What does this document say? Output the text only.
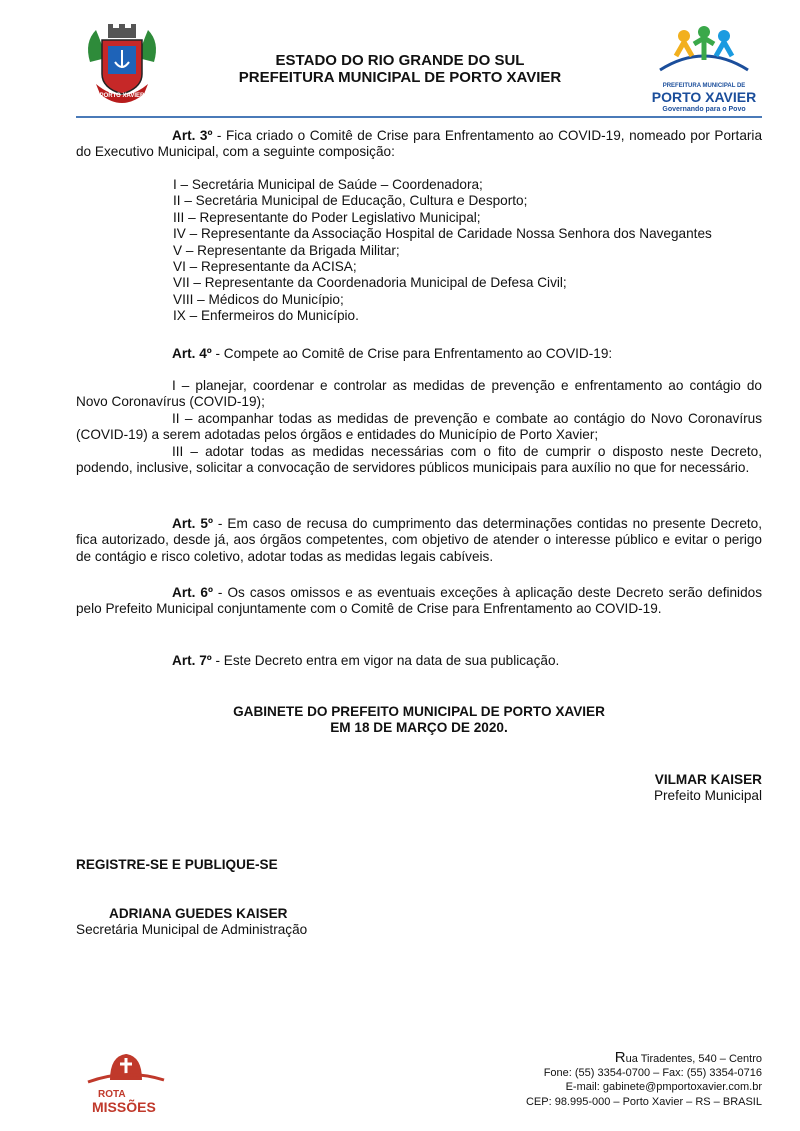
PORTO XAVIER
ESTADO DO RIO GRANDE DO SUL
PREFEITURA MUNICIPAL DE PORTO XAVIER	PREFEITURA MUNICIPAL DE
PORTO XAVIER
Governando para o Povo

Art. 3º - Fica criado o Comitê de Crise para Enfrentamento ao COVID-19, nomeado por Portaria do Executivo Municipal, com a seguinte composição:

I – Secretária Municipal de Saúde – Coordenadora;
II – Secretária Municipal de Educação, Cultura e Desporto;
III – Representante do Poder Legislativo Municipal;
IV – Representante da Associação Hospital de Caridade Nossa Senhora dos Navegantes
V – Representante da Brigada Militar;
VI – Representante da ACISA;
VII – Representante da Coordenadoria Municipal de Defesa Civil;
VIII – Médicos do Município;
IX – Enfermeiros do Município.

Art. 4º - Compete ao Comitê de Crise para Enfrentamento ao COVID-19:

I – planejar, coordenar e controlar as medidas de prevenção e enfrentamento ao contágio do Novo Coronavírus (COVID-19);

II – acompanhar todas as medidas de prevenção e combate ao contágio do Novo Coronavírus (COVID-19) a serem adotadas pelos órgãos e entidades do Município de Porto Xavier;

III – adotar todas as medidas necessárias com o fito de cumprir o disposto neste Decreto, podendo, inclusive, solicitar a convocação de servidores públicos municipais para auxílio no que for necessário.

Art. 5º - Em caso de recusa do cumprimento das determinações contidas no presente Decreto, fica autorizado, desde já, aos órgãos competentes, com objetivo de atender o interesse público e evitar o perigo de contágio e risco coletivo, adotar todas as medidas legais cabíveis.

Art. 6º - Os casos omissos e as eventuais exceções à aplicação deste Decreto serão definidos pelo Prefeito Municipal conjuntamente com o Comitê de Crise para Enfrentamento ao COVID-19.

Art. 7º - Este Decreto entra em vigor na data de sua publicação.

GABINETE DO PREFEITO MUNICIPAL DE PORTO XAVIER
EM 18 DE MARÇO DE 2020.
VILMAR KAISER
Prefeito Municipal
REGISTRE-SE E PUBLIQUE-SE
ADRIANA GUEDES KAISER
Secretária Municipal de Administração
ROTA
MISSÕES
Rua Tiradentes, 540 – Centro
Fone: (55) 3354-0700 – Fax: (55) 3354-0716
E-mail: gabinete@pmportoxavier.com.br
CEP: 98.995-000 – Porto Xavier – RS – BRASIL
